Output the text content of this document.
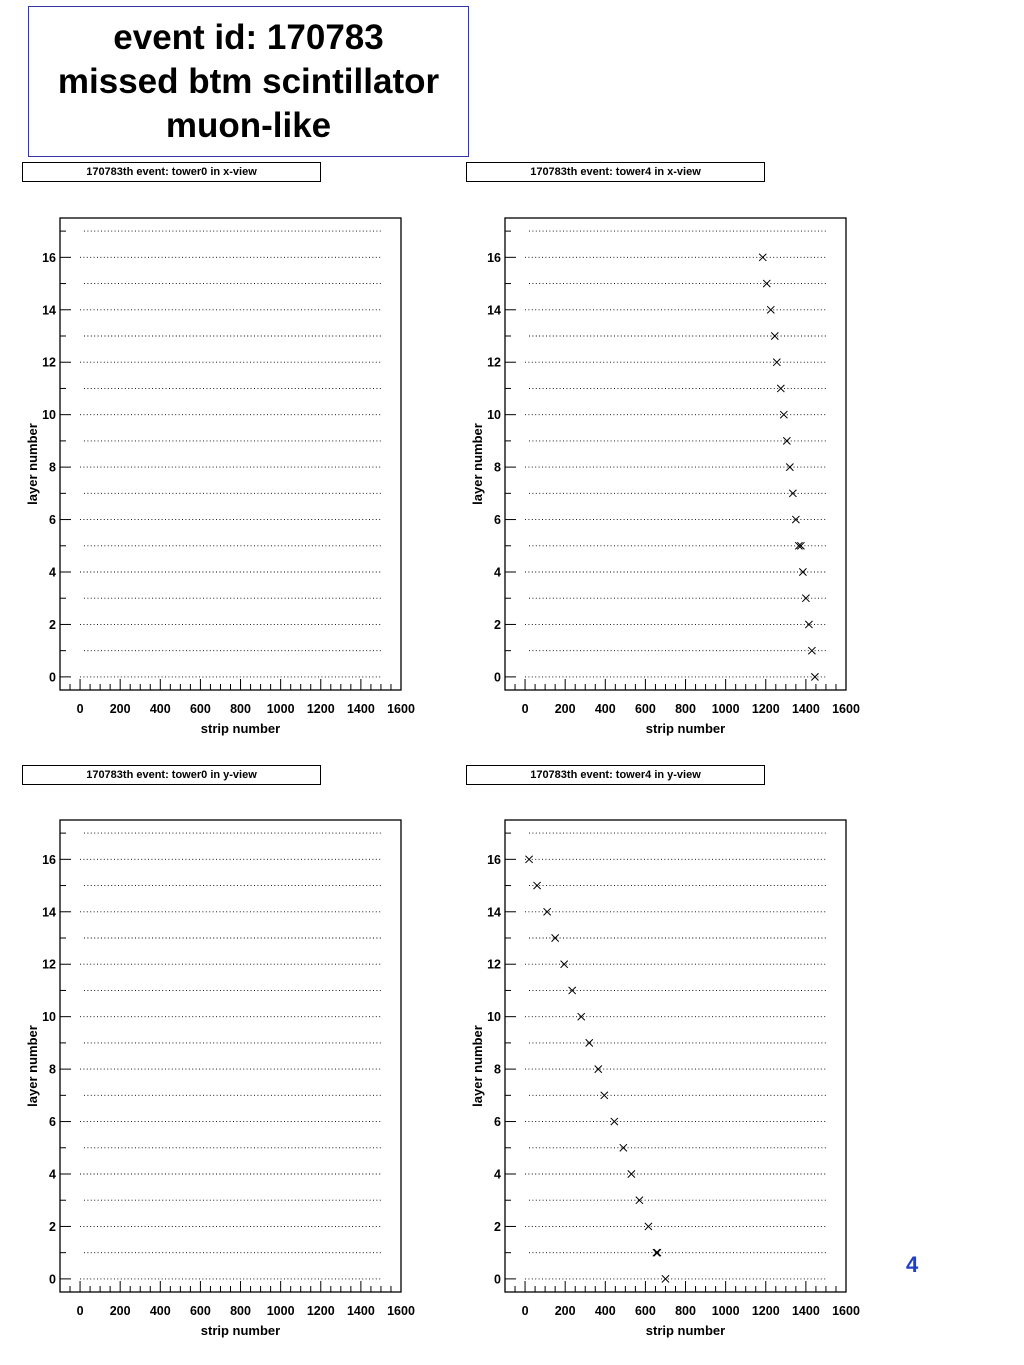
event id: 170783
missed btm scintillator
muon-like
170783th event: tower0 in x-view	170783th event: tower4 in x-view
170783th event: tower0 in y-view	170783th event: tower4 in y-view
0 200 400 600 800 1000 1200 1400 1600
0
2
4
6
8
10
12
14
16
strip number
layer number
0 200 400 600 800 1000 1200 1400 1600
0
2
4
6
8
10
12
14
16
strip number
layer number
0 200 400 600 800 1000 1200 1400 1600
0
2
4
6
8
10
12
14
16
strip number
layer number
0 200 400 600 800 1000 1200 1400 1600
0
2
4
6
8
10
12
14
16
strip number
layer number
4
